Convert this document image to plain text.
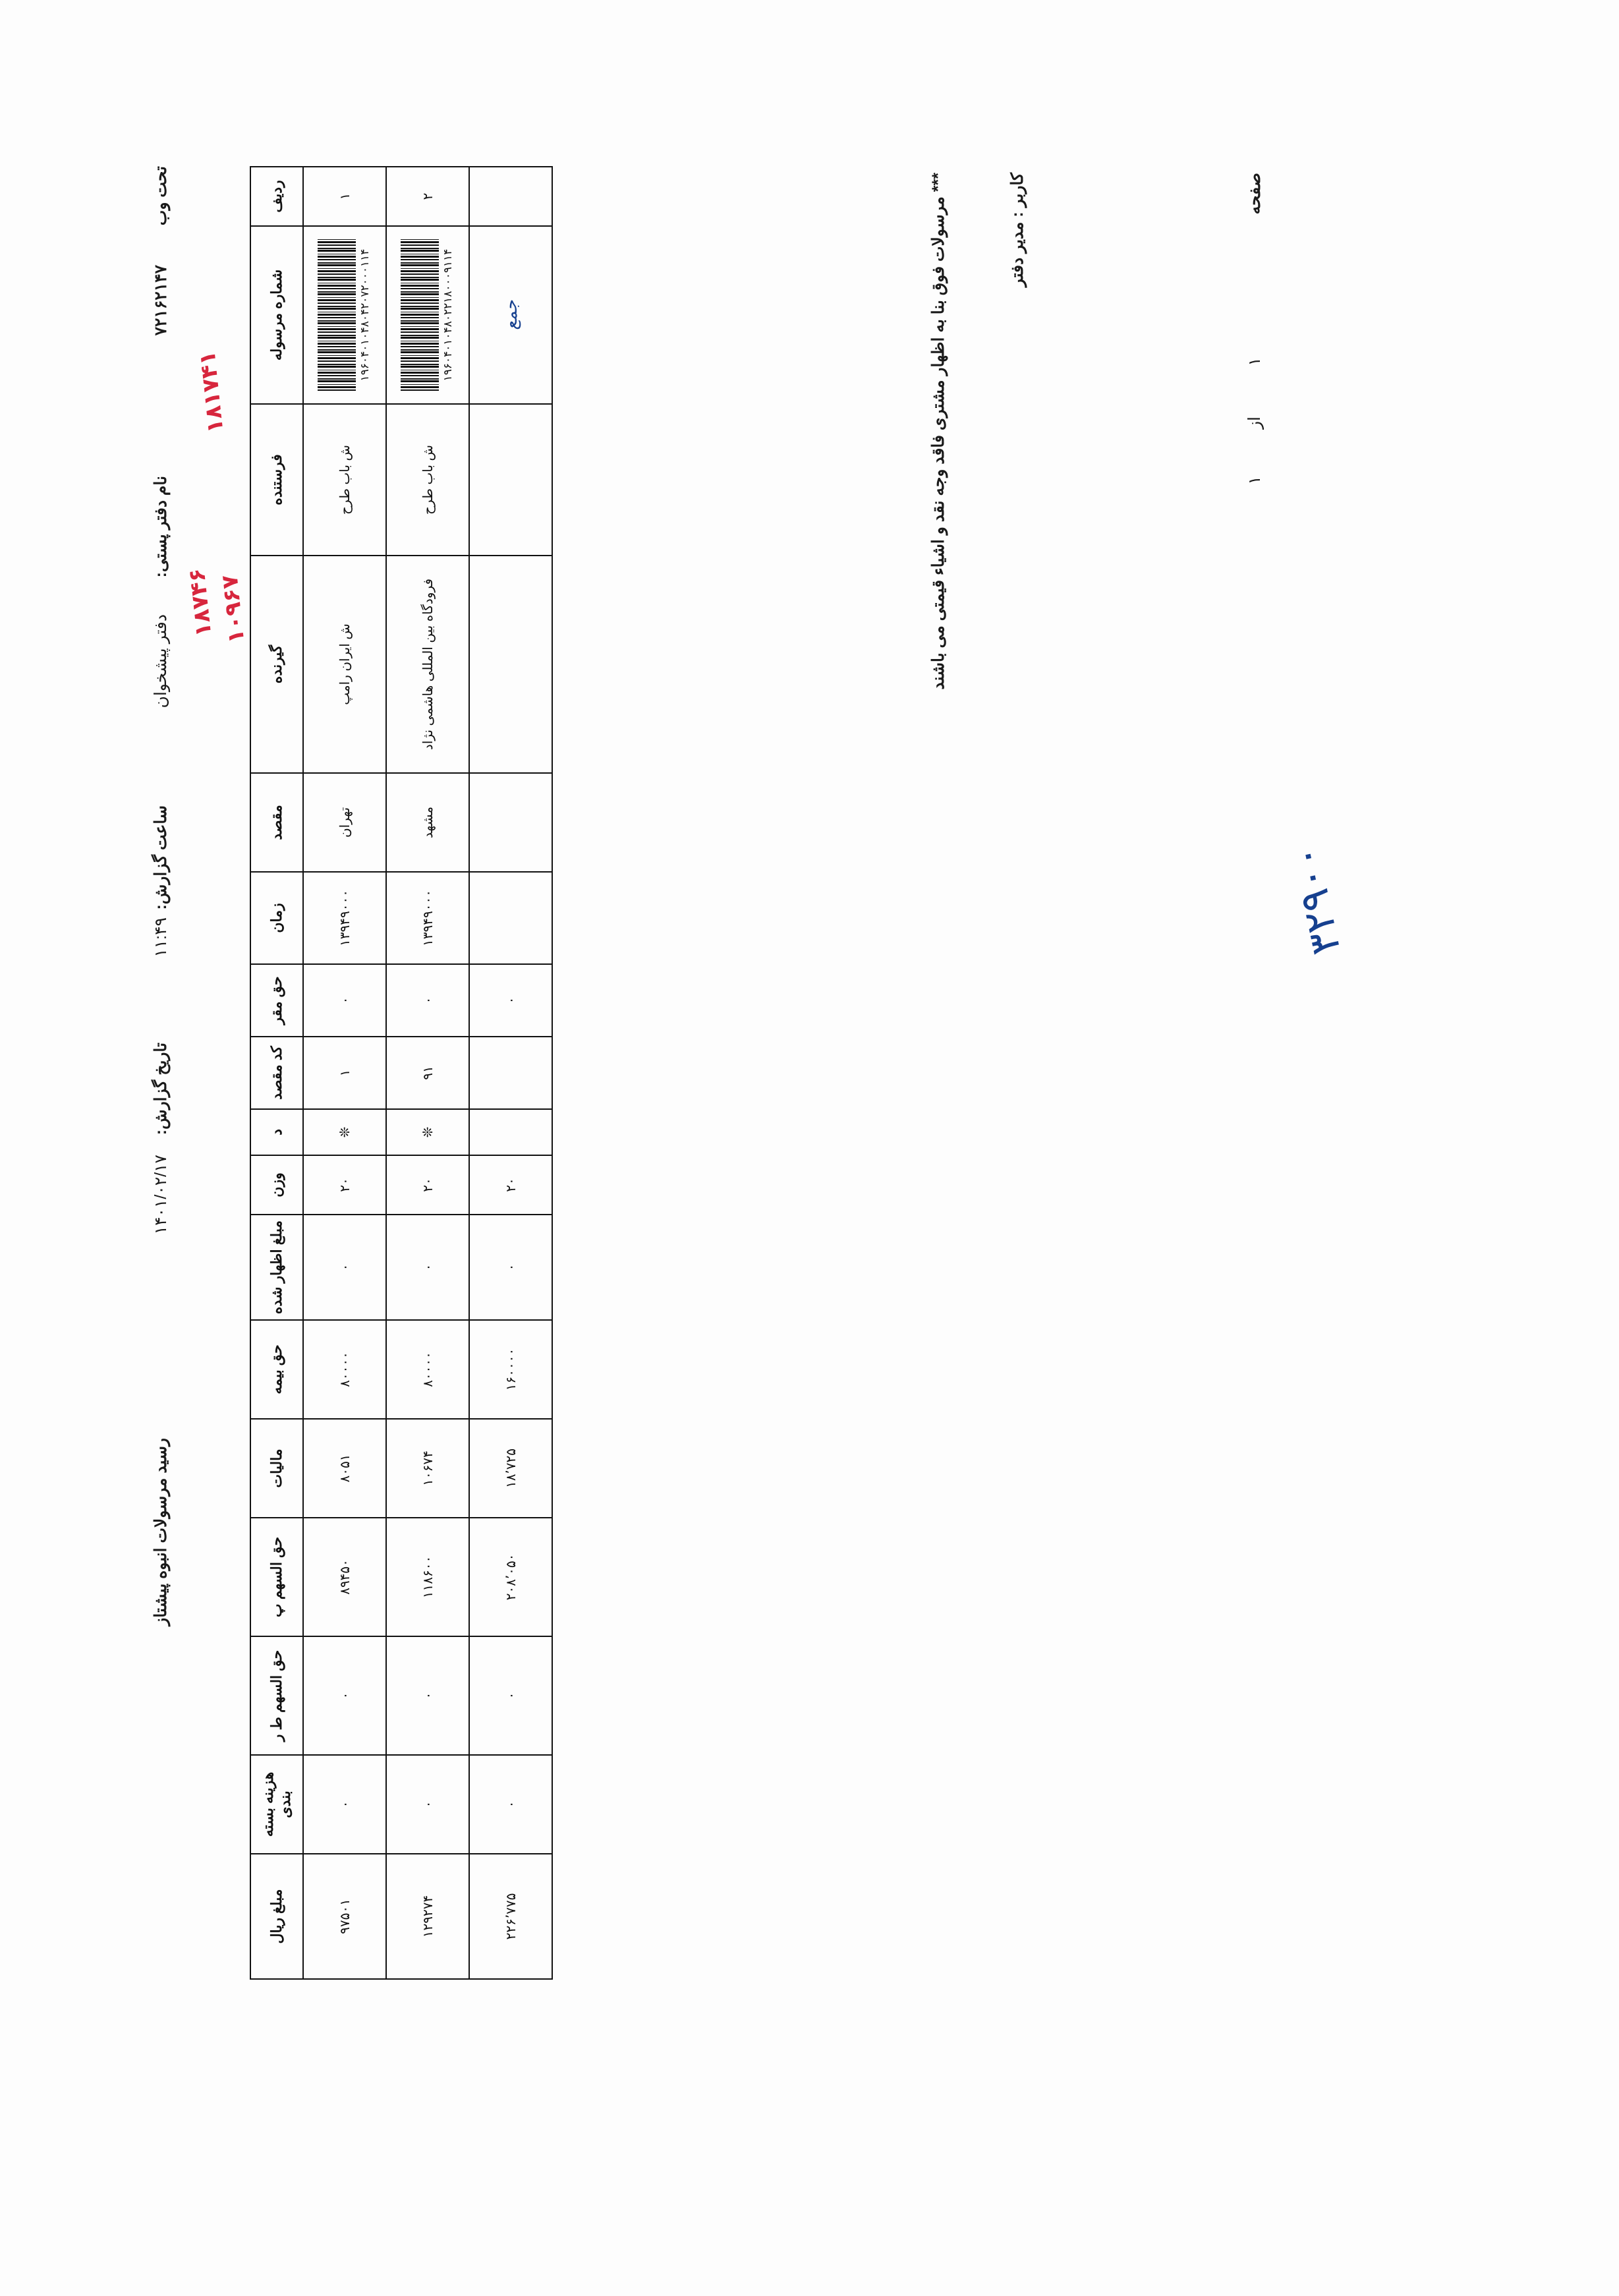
تحت وب
۷۲۱۶۲۱۴۷
نام دفتر پستی:
دفتر پیشخوان
ساعت گزارش:
۱۱:۴۹
تاریخ گزارش:
۱۴۰۱/۰۲/۱۷
رسید مرسولات انبوه پیشتاز
۱۸۱۷۴۱
۱۸۷۴۶ ۱۰۹۶۷
ردیف	شماره مرسوله	فرستنده	گیرنده	مقصد	زمان	حق مقر	کد مقصد	د	وزن	مبلغ اظهار شده	حق بیمه	مالیات	حق السهم پ	حق السهم ط ر	هزینه بسته بندی	مبلغ ریال
۱	۱۹۶۰۴۰۱۰۴۸۰۴۲۰۷۲۰۰۰۱۱۴	ش باب طرح	ش ایران رامپ	تهران	۱۳۹۴۹۰۰۰	۰	۱	❊	۲۰	۰	۸۰۰۰۰	۸۰۵۱	۸۹۴۵۰	۰	۰	۹۷۵۰۱
۲	۱۹۶۰۴۰۱۰۴۸۰۲۲۱۸۰۰۰۹۱۱۴	ش باب طرح	فرودگاه بین المللی هاشمی نژاد	مشهد	۱۳۹۴۹۰۰۰	۰	۹۱	❊	۲۰	۰	۸۰۰۰۰	۱۰۶۷۴	۱۱۸۶۰۰	۰	۰	۱۲۹۲۷۴
	جمع					۰			۲۰	۰	۱۶۰۰۰۰	۱۸٬۷۲۵	۲۰۸٬۰۵۰	۰	۰	۲۲۶٬۷۷۵
*** مرسولات فوق بنا به اظهار مشتری فاقد وجه نقد و اشیاء قیمتی می باشند	کاربر : مدیر دفتر	صفحه
۱
از
۱
۳۲۹۰۰
